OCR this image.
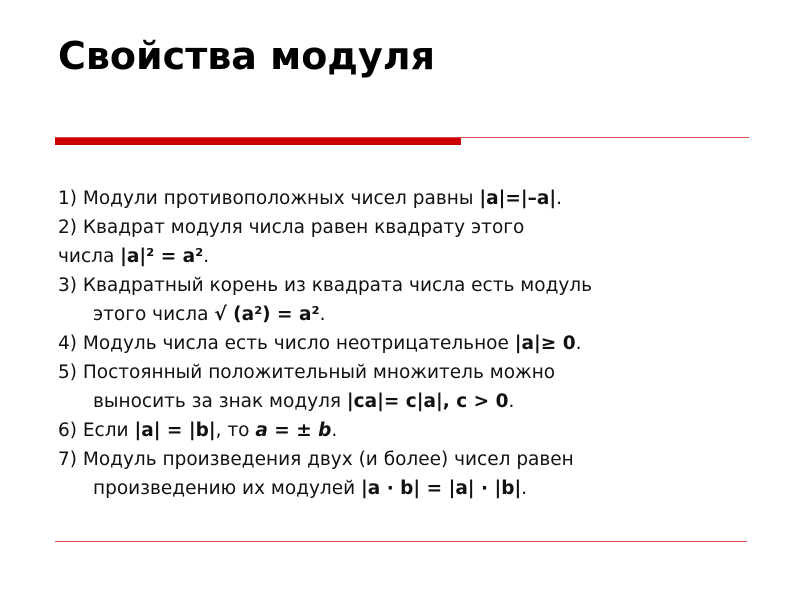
Свойства модуля
1) Модули противоположных чисел равны |a|=|–a|.
2) Квадрат модуля числа равен квадрату этого
числа |a|² = a².
3) Квадратный корень из квадрата числа есть модуль
этого числа √ (a²) = a².
4) Модуль числа есть число неотрицательное |a|≥ 0.
5) Постоянный положительный множитель можно
выносить за знак модуля |ca|= c|a|, c > 0.
6) Если |a| = |b|, то a = ± b.
7) Модуль произведения двух (и более) чисел равен
произведению их модулей |a · b| = |a| · |b|.
